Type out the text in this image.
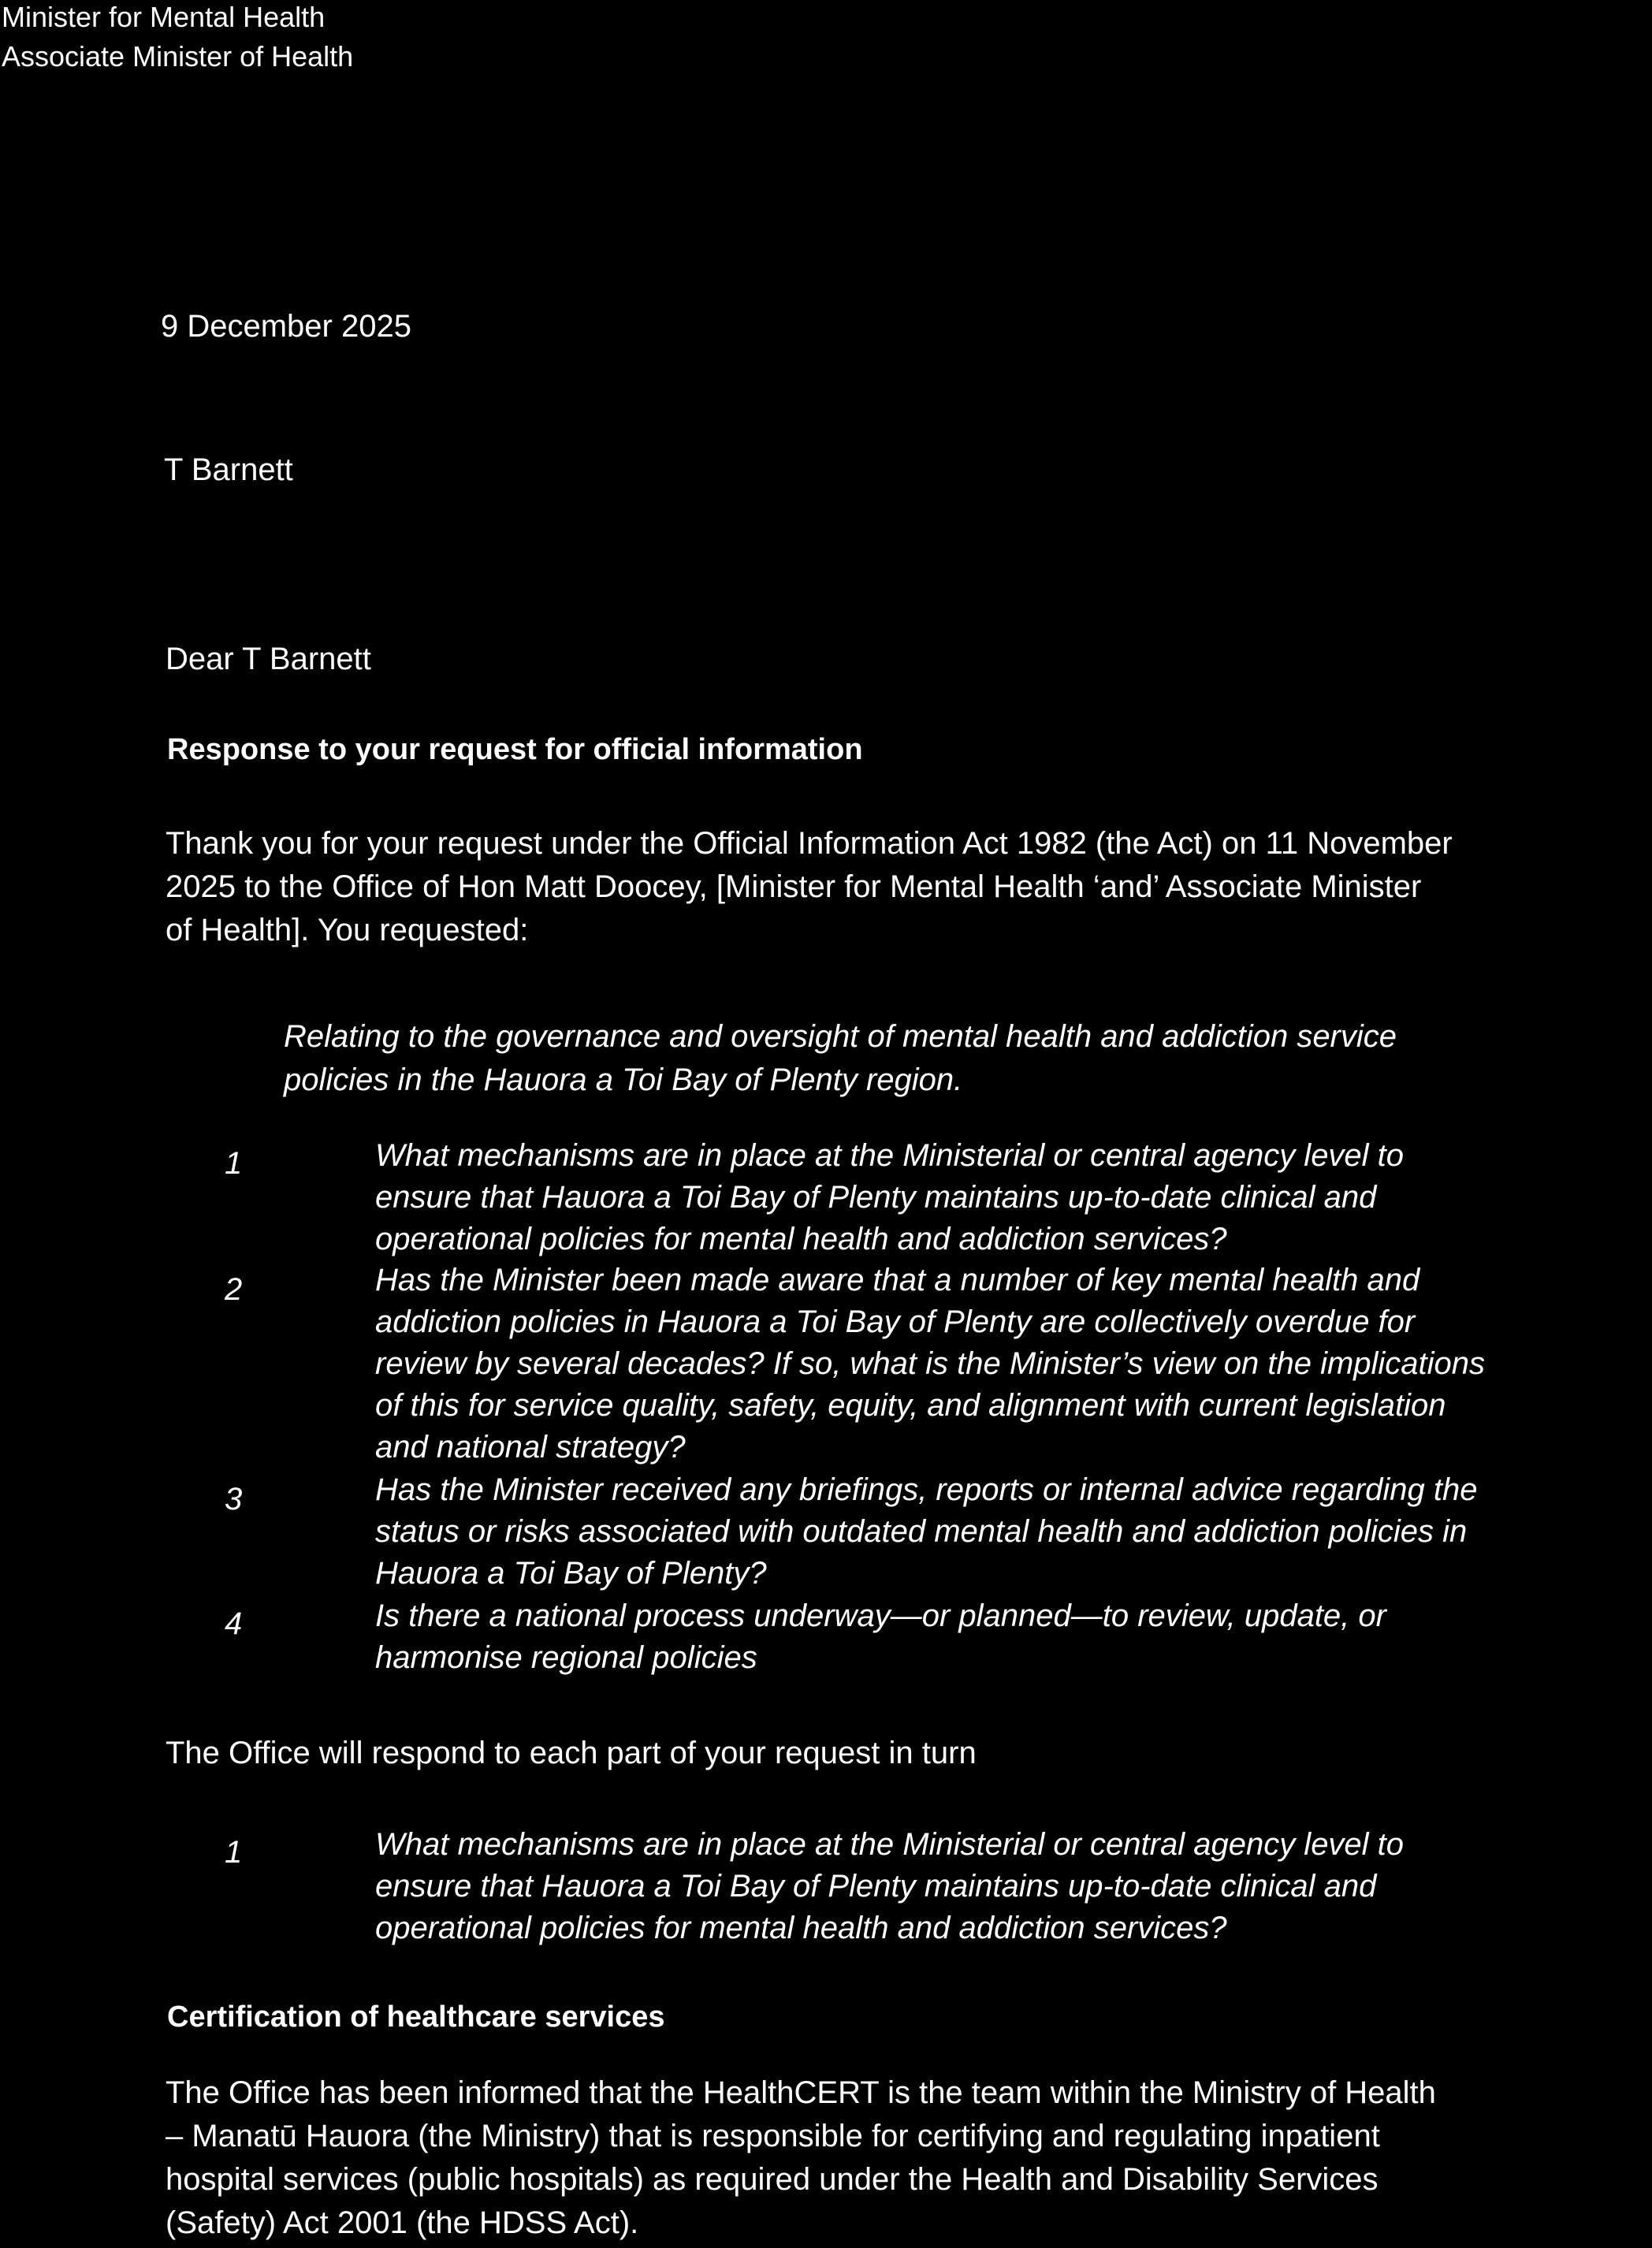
Minister for Mental Health
Associate Minister of Health
9 December 2025
T Barnett
Dear T Barnett
Response to your request for official information
Thank you for your request under the Official Information Act 1982 (the Act) on 11 November
2025 to the Office of Hon Matt Doocey, [Minister for Mental Health ‘and’ Associate Minister
of Health]. You requested:
Relating to the governance and oversight of mental health and addiction service
policies in the Hauora a Toi Bay of Plenty region.
1	What mechanisms are in place at the Ministerial or central agency level to
ensure that Hauora a Toi Bay of Plenty maintains up-to-date clinical and
operational policies for mental health and addiction services?
2	Has the Minister been made aware that a number of key mental health and
addiction policies in Hauora a Toi Bay of Plenty are collectively overdue for
review by several decades? If so, what is the Minister’s view on the implications
of this for service quality, safety, equity, and alignment with current legislation
and national strategy?
3	Has the Minister received any briefings, reports or internal advice regarding the
status or risks associated with outdated mental health and addiction policies in
Hauora a Toi Bay of Plenty?
4	Is there a national process underway—or planned—to review, update, or
harmonise regional policies
The Office will respond to each part of your request in turn
1	What mechanisms are in place at the Ministerial or central agency level to
ensure that Hauora a Toi Bay of Plenty maintains up-to-date clinical and
operational policies for mental health and addiction services?
Certification of healthcare services
The Office has been informed that the HealthCERT is the team within the Ministry of Health
– Manatū Hauora (the Ministry) that is responsible for certifying and regulating inpatient
hospital services (public hospitals) as required under the Health and Disability Services
(Safety) Act 2001 (the HDSS Act).
